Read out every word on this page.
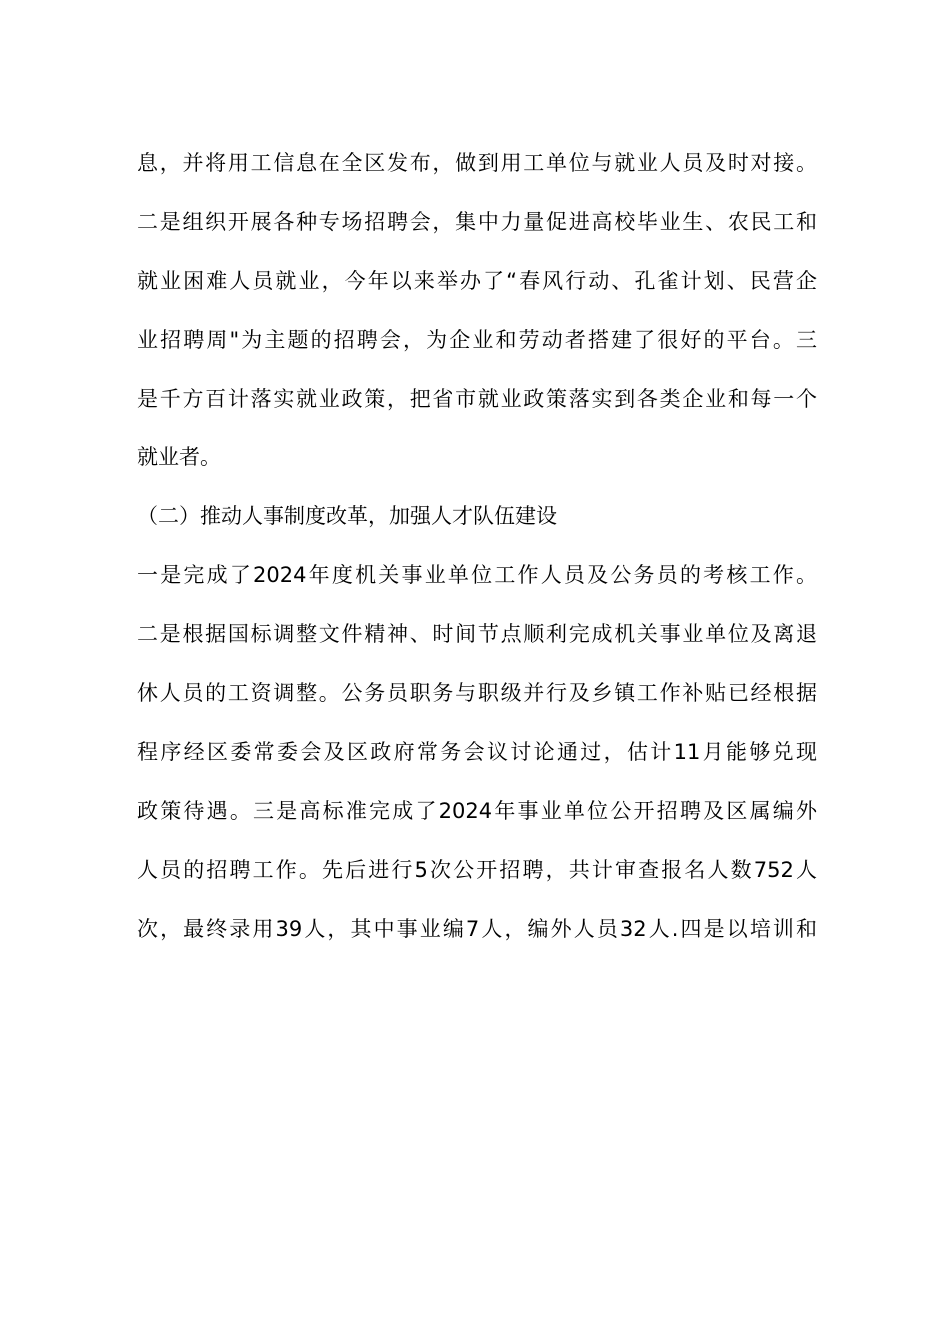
息，并将用工信息在全区发布，做到用工单位与就业人员及时对接。
二是组织开展各种专场招聘会，集中力量促进高校毕业生、农民工和
就业困难人员就业，今年以来举办了“春风行动、孔雀计划、民营企
业招聘周"为主题的招聘会，为企业和劳动者搭建了很好的平台。三
是千方百计落实就业政策，把省市就业政策落实到各类企业和每一个
就业者。
（二）推动人事制度改革，加强人才队伍建设
一是完成了2024年度机关事业单位工作人员及公务员的考核工作。
二是根据国标调整文件精神、时间节点顺利完成机关事业单位及离退
休人员的工资调整。公务员职务与职级并行及乡镇工作补贴已经根据
程序经区委常委会及区政府常务会议讨论通过，估计11月能够兑现
政策待遇。三是高标准完成了2024年事业单位公开招聘及区属编外
人员的招聘工作。先后进行5次公开招聘，共计审查报名人数752人
次，最终录用39人，其中事业编7人，编外人员32人.四是以培训和
